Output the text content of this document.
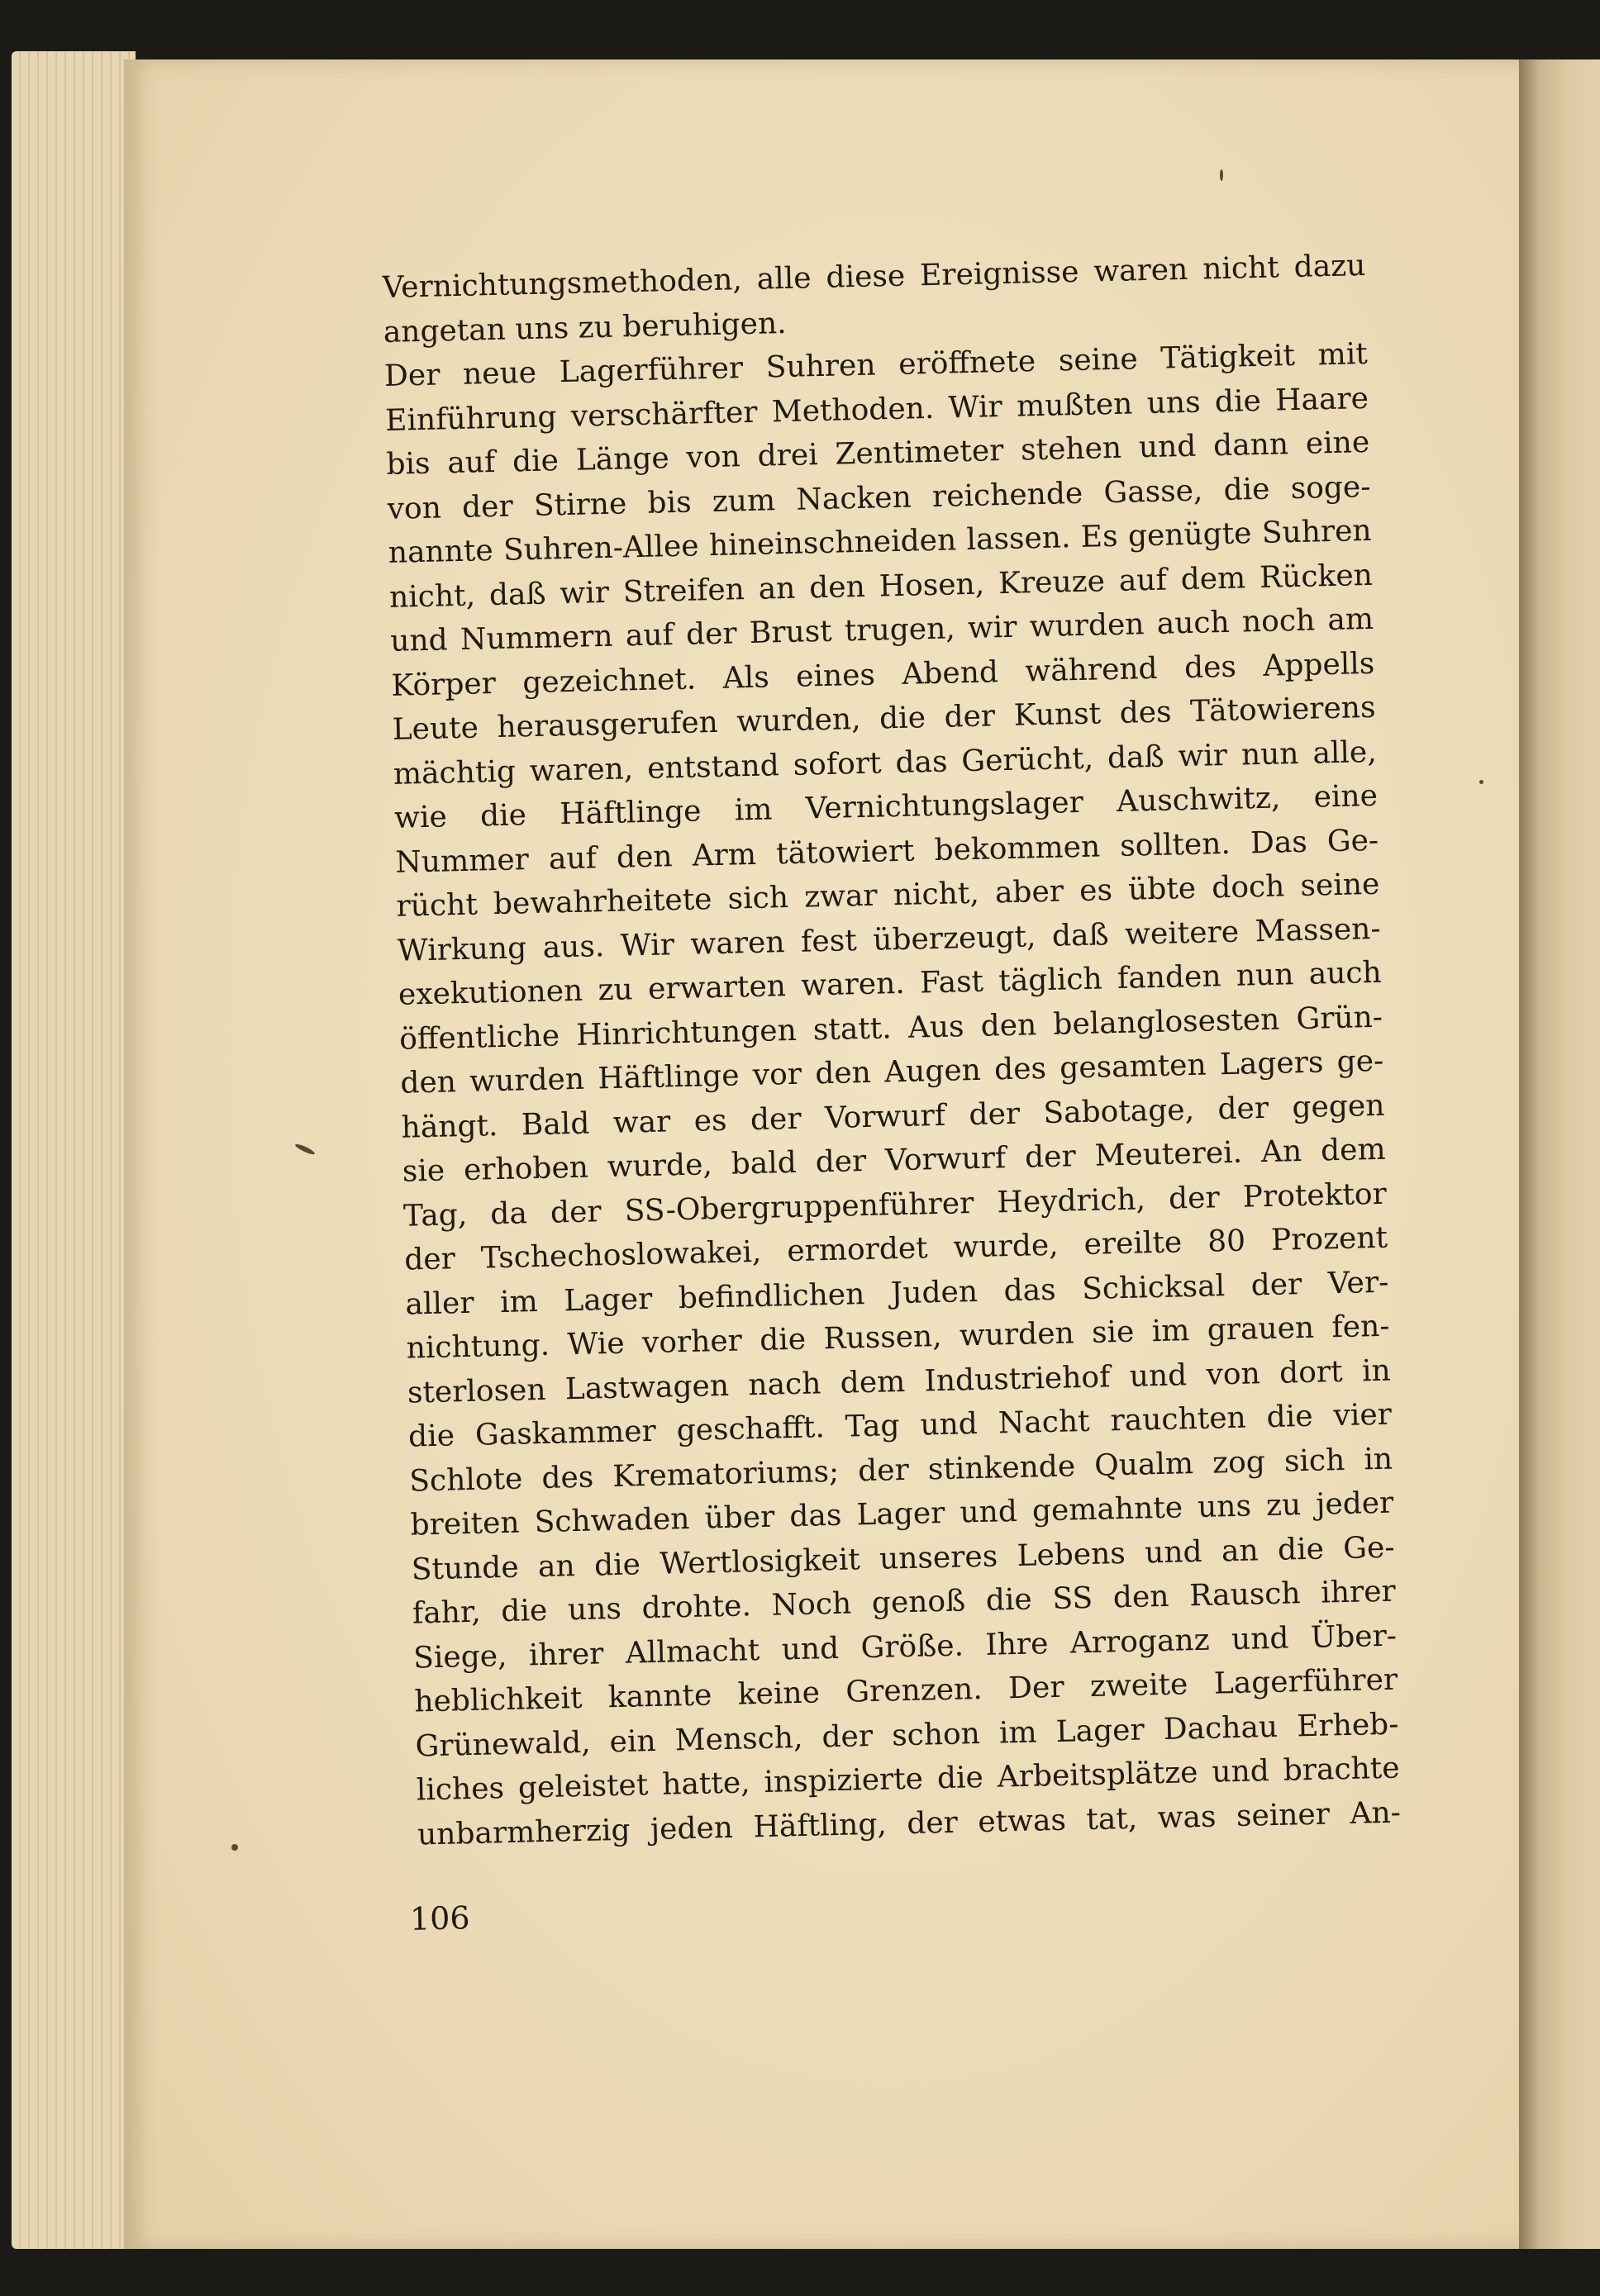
Vernichtungsmethoden, alle diese Ereignisse waren nicht dazu
angetan uns zu beruhigen.
Der neue Lagerführer Suhren eröffnete seine Tätigkeit mit
Einführung verschärfter Methoden. Wir mußten uns die Haare
bis auf die Länge von drei Zentimeter stehen und dann eine
von der Stirne bis zum Nacken reichende Gasse, die soge-
nannte Suhren-Allee hineinschneiden lassen. Es genügte Suhren
nicht, daß wir Streifen an den Hosen, Kreuze auf dem Rücken
und Nummern auf der Brust trugen, wir wurden auch noch am
Körper gezeichnet. Als eines Abend während des Appells
Leute herausgerufen wurden, die der Kunst des Tätowierens
mächtig waren, entstand sofort das Gerücht, daß wir nun alle,
wie die Häftlinge im Vernichtungslager Auschwitz, eine
Nummer auf den Arm tätowiert bekommen sollten. Das Ge-
rücht bewahrheitete sich zwar nicht, aber es übte doch seine
Wirkung aus. Wir waren fest überzeugt, daß weitere Massen-
exekutionen zu erwarten waren. Fast täglich fanden nun auch
öffentliche Hinrichtungen statt. Aus den belanglosesten Grün-
den wurden Häftlinge vor den Augen des gesamten Lagers ge-
hängt. Bald war es der Vorwurf der Sabotage, der gegen
sie erhoben wurde, bald der Vorwurf der Meuterei. An dem
Tag, da der SS-Obergruppenführer Heydrich, der Protektor
der Tschechoslowakei, ermordet wurde, ereilte 80 Prozent
aller im Lager befindlichen Juden das Schicksal der Ver-
nichtung. Wie vorher die Russen, wurden sie im grauen fen-
sterlosen Lastwagen nach dem Industriehof und von dort in
die Gaskammer geschafft. Tag und Nacht rauchten die vier
Schlote des Krematoriums; der stinkende Qualm zog sich in
breiten Schwaden über das Lager und gemahnte uns zu jeder
Stunde an die Wertlosigkeit unseres Lebens und an die Ge-
fahr, die uns drohte. Noch genoß die SS den Rausch ihrer
Siege, ihrer Allmacht und Größe. Ihre Arroganz und Über-
heblichkeit kannte keine Grenzen. Der zweite Lagerführer
Grünewald, ein Mensch, der schon im Lager Dachau Erheb-
liches geleistet hatte, inspizierte die Arbeitsplätze und brachte
unbarmherzig jeden Häftling, der etwas tat, was seiner An-
106
